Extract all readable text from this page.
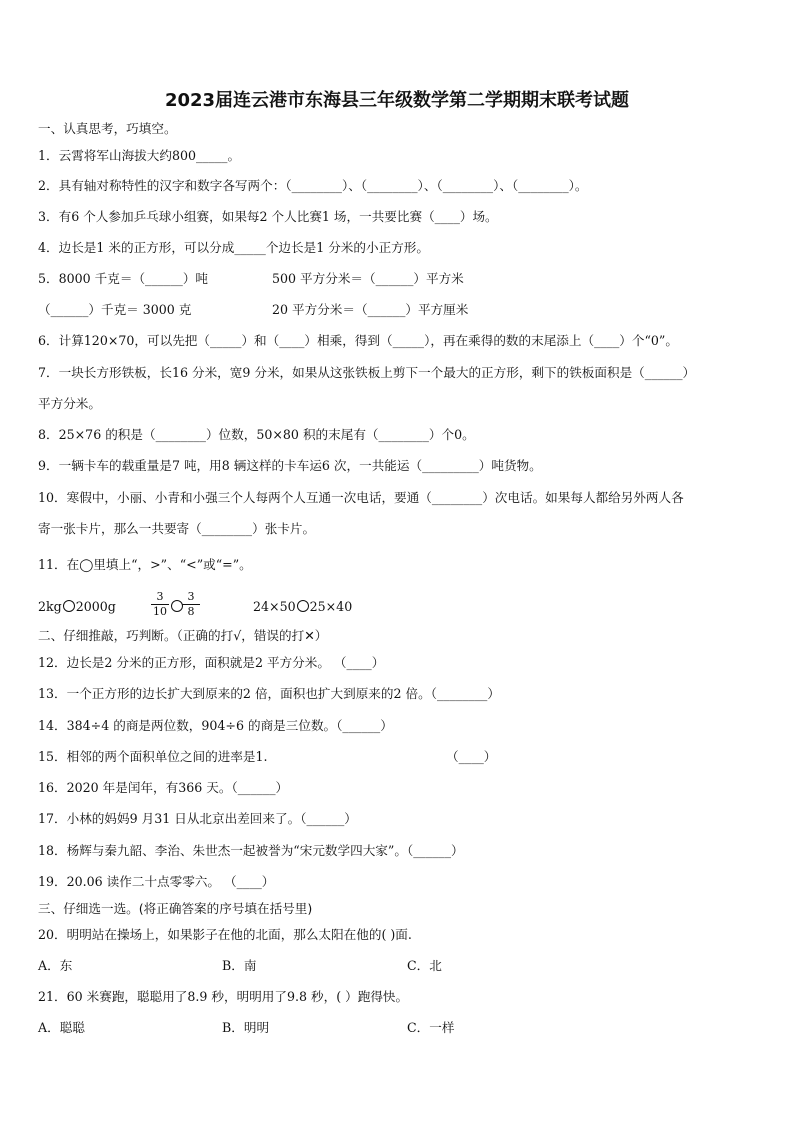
2023届连云港市东海县三年级数学第二学期期末联考试题
一、认真思考，巧填空。
1．云霄将军山海拔大约800_____。
2．具有轴对称特性的汉字和数字各写两个：（________）、（________）、（________）、（________）。
3．有6 个人参加乒乓球小组赛，如果每2 个人比赛1 场，一共要比赛（____）场。
4．边长是1 米的正方形，可以分成_____个边长是1 分米的小正方形。
5．8000 千克＝（______）吨	500 平方分米＝（______）平方米
（______）千克＝ 3000 克	20 平方分米＝（______）平方厘米
6．计算120×70，可以先把（_____）和（____）相乘，得到（_____），再在乘得的数的末尾添上（____）个“0”。
7．一块长方形铁板，长16 分米，宽9 分米，如果从这张铁板上剪下一个最大的正方形，剩下的铁板面积是（______）
平方分米。
8．25×76 的积是（________）位数，50×80 积的末尾有（________）个0。
9．一辆卡车的载重量是7 吨，用8 辆这样的卡车运6 次，一共能运（_________）吨货物。
10．寒假中，小丽、小青和小强三个人每两个人互通一次电话，要通（________）次电话。如果每人都给另外两人各
寄一张卡片，那么一共要寄（________）张卡片。
11．在◯里填上“，>”、“<”或“=”。
2kg 2000g
3
10
3
8	24×50 25×40
二、仔细推敲，巧判断。（正确的打√，错误的打✕）
12．边长是2 分米的正方形，面积就是2 平方分米。 （____）
13．一个正方形的边长扩大到原来的2 倍，面积也扩大到原来的2 倍。（________）
14．384÷4 的商是两位数，904÷6 的商是三位数。（______）
15．相邻的两个面积单位之间的进率是1.	（____）
16．2020 年是闰年，有366 天。（______）
17．小林的妈妈9 月31 日从北京出差回来了。（______）
18．杨辉与秦九韶、李治、朱世杰一起被誉为“宋元数学四大家”。（______）
19．20.06 读作二十点零零六。 （____）
三、仔细选一选。(将正确答案的序号填在括号里)
20．明明站在操场上，如果影子在他的北面，那么太阳在他的( )面.
A．东	B．南	C．北
21．60 米赛跑，聪聪用了8.9 秒，明明用了9.8 秒，( ）跑得快。
A．聪聪	B．明明	C．一样
